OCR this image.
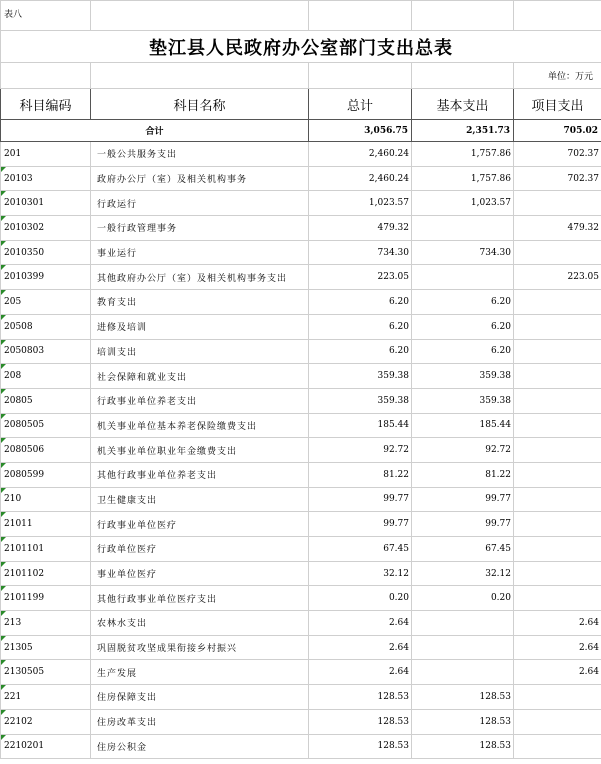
表八				
垫江县人民政府办公室部门支出总表				
				单位：万元
科目编码	科目名称	总计	基本支出	项目支出
合计		3,056.75	2,351.73	705.02
201	一般公共服务支出	2,460.24	1,757.86	702.37
20103	政府办公厅（室）及相关机构事务	2,460.24	1,757.86	702.37
2010301	行政运行	1,023.57	1,023.57	
2010302	一般行政管理事务	479.32		479.32
2010350	事业运行	734.30	734.30	
2010399	其他政府办公厅（室）及相关机构事务支出	223.05		223.05
205	教育支出	6.20	6.20	
20508	进修及培训	6.20	6.20	
2050803	培训支出	6.20	6.20	
208	社会保障和就业支出	359.38	359.38	
20805	行政事业单位养老支出	359.38	359.38	
2080505	机关事业单位基本养老保险缴费支出	185.44	185.44	
2080506	机关事业单位职业年金缴费支出	92.72	92.72	
2080599	其他行政事业单位养老支出	81.22	81.22	
210	卫生健康支出	99.77	99.77	
21011	行政事业单位医疗	99.77	99.77	
2101101	行政单位医疗	67.45	67.45	
2101102	事业单位医疗	32.12	32.12	
2101199	其他行政事业单位医疗支出	0.20	0.20	
213	农林水支出	2.64		2.64
21305	巩固脱贫攻坚成果衔接乡村振兴	2.64		2.64
2130505	生产发展	2.64		2.64
221	住房保障支出	128.53	128.53	
22102	住房改革支出	128.53	128.53	
2210201	住房公积金	128.53	128.53	
